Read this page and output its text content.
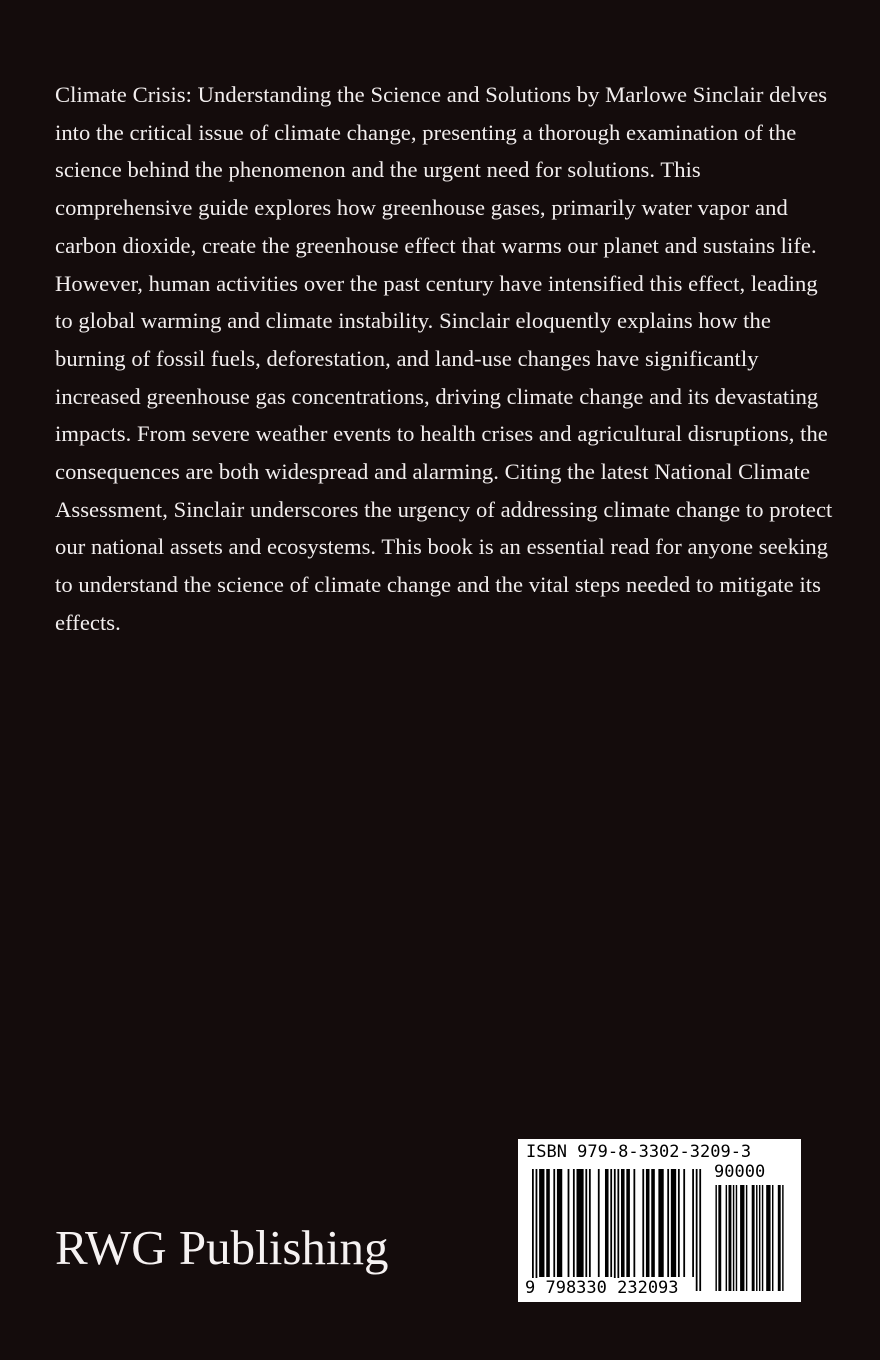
Climate Crisis: Understanding the Science and Solutions by Marlowe Sinclair delves into the critical issue of climate change, presenting a thorough examination of the science behind the phenomenon and the urgent need for solutions. This comprehensive guide explores how greenhouse gases, primarily water vapor and carbon dioxide, create the greenhouse effect that warms our planet and sustains life. However, human activities over the past century have intensified this effect, leading to global warming and climate instability. Sinclair eloquently explains how the burning of fossil fuels, deforestation, and land-use changes have significantly increased greenhouse gas concentrations, driving climate change and its devastating impacts. From severe weather events to health crises and agricultural disruptions, the consequences are both widespread and alarming. Citing the latest National Climate Assessment, Sinclair underscores the urgency of addressing climate change to protect our national assets and ecosystems. This book is an essential read for anyone seeking to understand the science of climate change and the vital steps needed to mitigate its effects.

RWG Publishing
ISBN 979-8-3302-3209-3
90000
9 798330 232093
